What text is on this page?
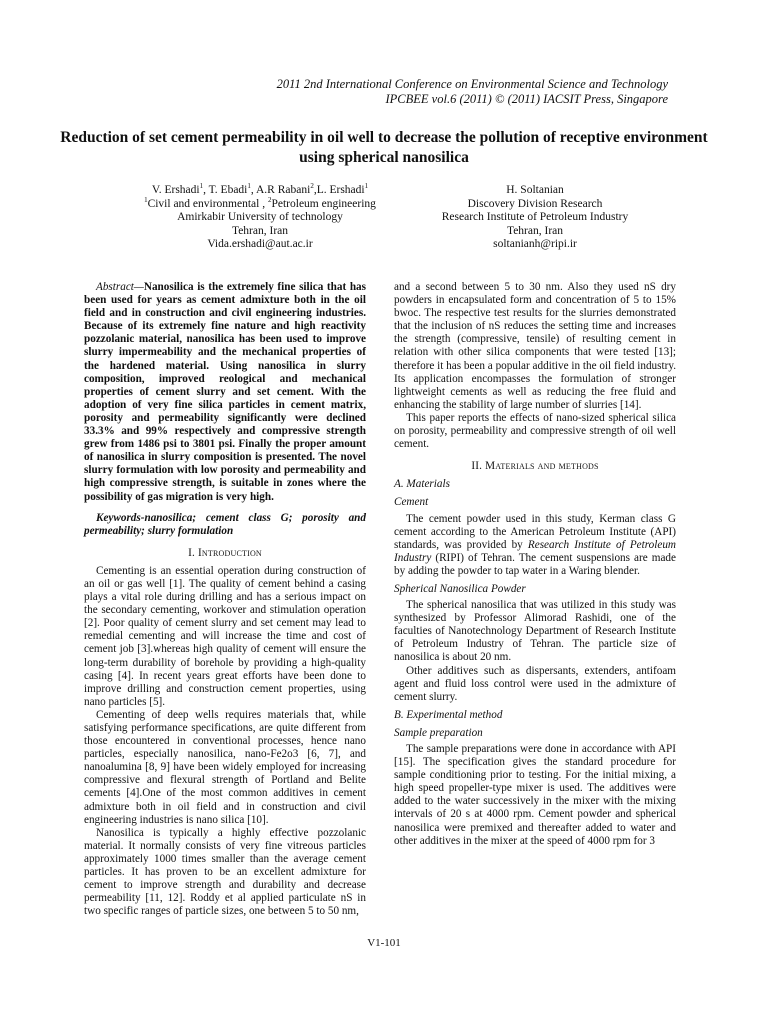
2011 2nd International Conference on Environmental Science and Technology
IPCBEE vol.6 (2011) © (2011) IACSIT Press, Singapore
Reduction of set cement permeability in oil well to decrease the pollution of receptive environment using spherical nanosilica
V. Ershadi$^1$, T. Ebadi$^1$, A.R Rabani$^2$,L. Ershadi$^1$
$^1$Civil and environmental , $^2$Petroleum engineering
Amirkabir University of technology
Tehran, Iran
Vida.ershadi@aut.ac.ir
H. Soltanian
Discovery Division Research
Research Institute of Petroleum Industry
Tehran, Iran
soltanianh@ripi.ir

Abstract—Nanosilica is the extremely fine silica that has been used for years as cement admixture both in the oil field and in construction and civil engineering industries. Because of its extremely fine nature and high reactivity pozzolanic material, nanosilica has been used to improve slurry impermeability and the mechanical properties of the hardened material. Using nanosilica in slurry composition, improved reological and mechanical properties of cement slurry and set cement. With the adoption of very fine silica particles in cement matrix, porosity and permeability significantly were declined 33.3% and 99% respectively and compressive strength grew from 1486 psi to 3801 psi. Finally the proper amount of nanosilica in slurry composition is presented. The novel slurry formulation with low porosity and permeability and high compressive strength, is suitable in zones where the possibility of gas migration is very high.

Keywords-nanosilica; cement class G; porosity and permeability; slurry formulation

I. Introduction

Cementing is an essential operation during construction of an oil or gas well [1]. The quality of cement behind a casing plays a vital role during drilling and has a serious impact on the secondary cementing, workover and stimulation operation [2]. Poor quality of cement slurry and set cement may lead to remedial cementing and will increase the time and cost of cement job [3].whereas high quality of cement will ensure the long-term durability of borehole by providing a high-quality casing [4]. In recent years great efforts have been done to improve drilling and construction cement properties, using nano particles [5].

Cementing of deep wells requires materials that, while satisfying performance specifications, are quite different from those encountered in conventional processes, hence nano particles, especially nanosilica, nano-Fe2o3 [6, 7], and nanoalumina [8, 9] have been widely employed for increasing compressive and flexural strength of Portland and Belite cements [4].One of the most common additives in cement admixture both in oil field and in construction and civil engineering industries is nano silica [10].

Nanosilica is typically a highly effective pozzolanic material. It normally consists of very fine vitreous particles approximately 1000 times smaller than the average cement particles. It has proven to be an excellent admixture for cement to improve strength and durability and decrease permeability [11, 12]. Roddy et al applied particulate nS in two specific ranges of particle sizes, one between 5 to 50 nm,

and a second between 5 to 30 nm. Also they used nS dry powders in encapsulated form and concentration of 5 to 15% bwoc. The respective test results for the slurries demonstrated that the inclusion of nS reduces the setting time and increases the strength (compressive, tensile) of resulting cement in relation with other silica components that were tested [13]; therefore it has been a popular additive in the oil field industry. Its application encompasses the formulation of stronger lightweight cements as well as reducing the free fluid and enhancing the stability of large number of slurries [14].

This paper reports the effects of nano-sized spherical silica on porosity, permeability and compressive strength of oil well cement.

II. Materials and methods
A. Materials
Cement

The cement powder used in this study, Kerman class G cement according to the American Petroleum Institute (API) standards, was provided by Research Institute of Petroleum Industry (RIPI) of Tehran. The cement suspensions are made by adding the powder to tap water in a Waring blender.

Spherical Nanosilica Powder

The spherical nanosilica that was utilized in this study was synthesized by Professor Alimorad Rashidi, one of the faculties of Nanotechnology Department of Research Institute of Petroleum Industry of Tehran. The particle size of nanosilica is about 20 nm.

Other additives such as dispersants, extenders, antifoam agent and fluid loss control were used in the admixture of cement slurry.

B. Experimental method
Sample preparation

The sample preparations were done in accordance with API [15]. The specification gives the standard procedure for sample conditioning prior to testing. For the initial mixing, a high speed propeller-type mixer is used. The additives were added to the water successively in the mixer with the mixing intervals of 20 s at 4000 rpm. Cement powder and spherical nanosilica were premixed and thereafter added to water and other additives in the mixer at the speed of 4000 rpm for 3

V1-101
